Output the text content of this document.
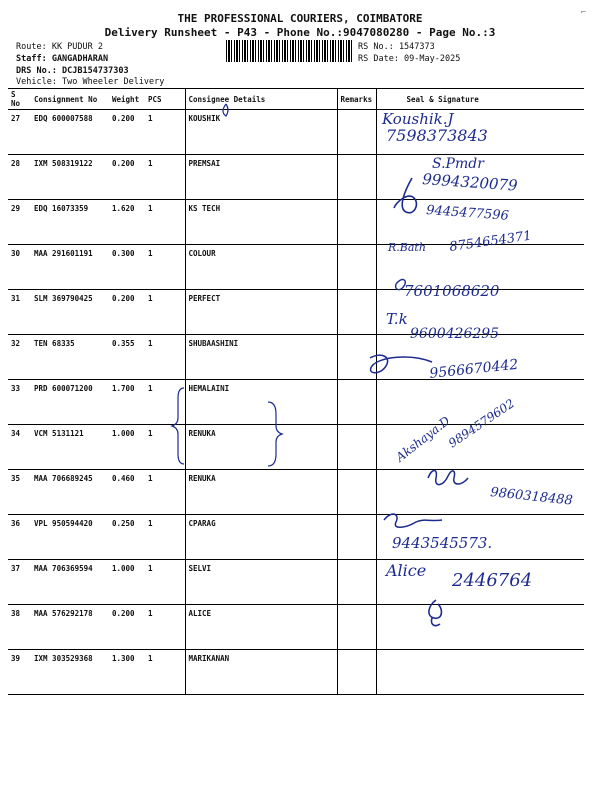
⌐
THE PROFESSIONAL COURIERS, COIMBATORE
Delivery Runsheet - P43 - Phone No.:9047080280 - Page No.:3
Route: KK PUDUR 2
Staff: GANGADHARAN
DRS No.: DCJB154737303
Vehicle: Two Wheeler Delivery
RS No.: 1547373
RS Date: 09-May-2025
S No	Consignment No	Weight	PCS	Consignee Details	Remarks	Seal & Signature
27	EDQ 600007588	0.200	1	KOUSHIK		
28	IXM 508319122	0.200	1	PREMSAI		
29	EDQ 16073359	1.620	1	KS TECH		
30	MAA 291601191	0.300	1	COLOUR		
31	SLM 369790425	0.200	1	PERFECT		
32	TEN 68335	0.355	1	SHUBAASHINI		
33	PRD 600071200	1.700	1	HEMALAINI		
34	VCM 5131121	1.000	1	RENUKA		
35	MAA 706689245	0.460	1	RENUKA		
36	VPL 950594420	0.250	1	CPARAG		
37	MAA 706369594	1.000	1	SELVI		
38	MAA 576292178	0.200	1	ALICE		
39	IXM 303529368	1.300	1	MARIKANAN		
Koushik.J
7598373843
S.Pmdr
9994320079
9445477596
R.Bath 8754654371
7601068620
T.k
9600426295
9566670442
Akshaya.D
9894579602
9860318488
9443545573.
Alice 2446764
